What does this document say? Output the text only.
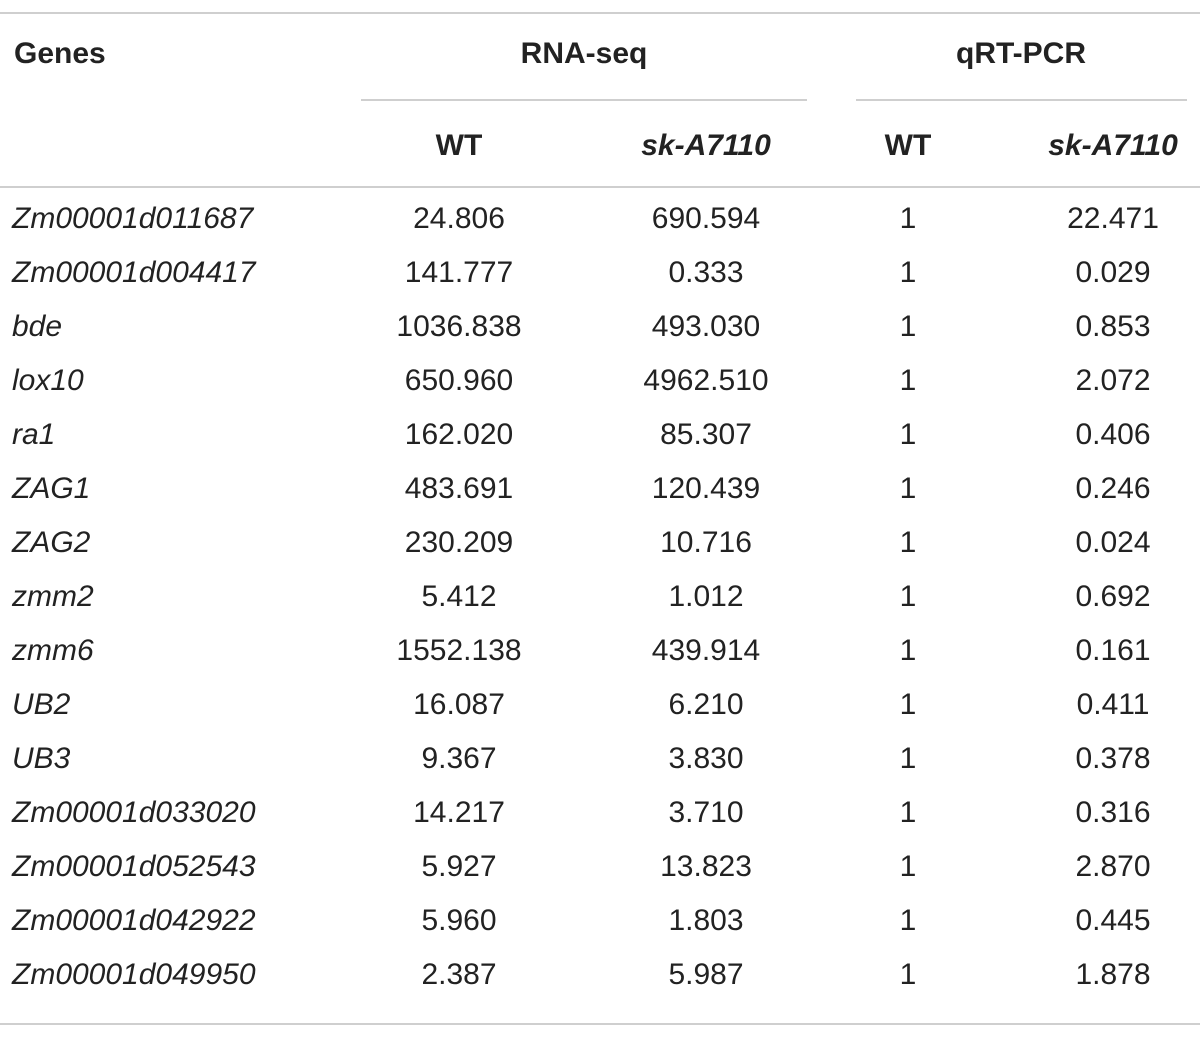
Genes	RNA-seq	qRT-PCR
WT	sk-A7110	WT	sk-A7110
Zm00001d011687	24.806	690.594	1	22.471
Zm00001d004417	141.777	0.333	1	0.029
bde	1036.838	493.030	1	0.853
lox10	650.960	4962.510	1	2.072
ra1	162.020	85.307	1	0.406
ZAG1	483.691	120.439	1	0.246
ZAG2	230.209	10.716	1	0.024
zmm2	5.412	1.012	1	0.692
zmm6	1552.138	439.914	1	0.161
UB2	16.087	6.210	1	0.411
UB3	9.367	3.830	1	0.378
Zm00001d033020	14.217	3.710	1	0.316
Zm00001d052543	5.927	13.823	1	2.870
Zm00001d042922	5.960	1.803	1	0.445
Zm00001d049950	2.387	5.987	1	1.878
